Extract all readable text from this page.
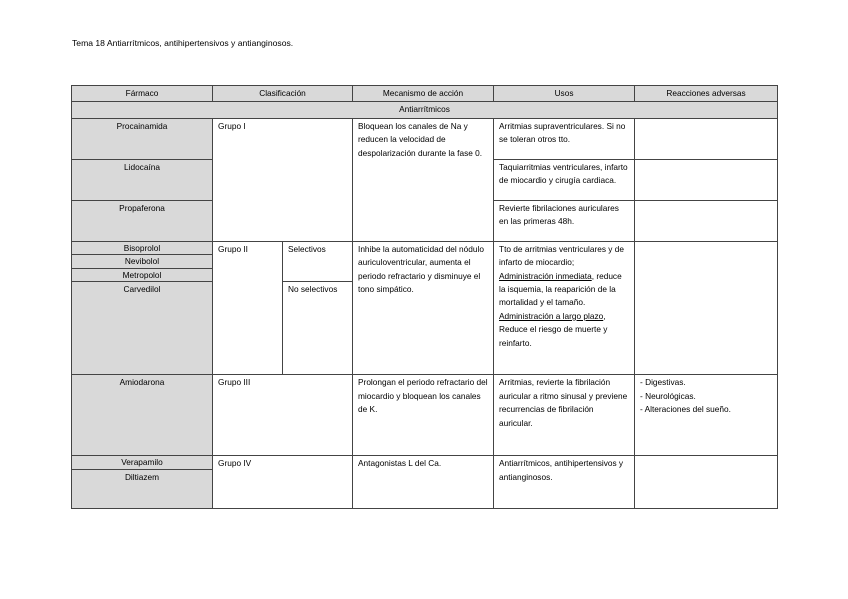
Tema 18 Antiarrítmicos, antihipertensivos y antianginosos.
Fármaco	Clasificación		Mecanismo de acción	Usos	Reacciones adversas
Antiarrítmicos					
Procainamida	Grupo I		Bloquean los canales de Na y reducen la velocidad de despolarización durante la fase 0.	Arritmias supraventriculares. Si no se toleran otros tto.	
Lidocaína				Taquiarritmias ventriculares, infarto de miocardio y cirugía cardiaca.	
Propaferona				Revierte fibrilaciones auriculares en las primeras 48h.	
Bisoprolol	Grupo II	Selectivos	Inhibe la automaticidad del nódulo auriculoventricular, aumenta el periodo refractario y disminuye el tono simpático.	Tto de arritmias ventriculares y de infarto de miocardio; Administración inmediata, reduce la isquemia, la reaparición de la mortalidad y el tamaño. Administración a largo plazo, Reduce el riesgo de muerte y reinfarto.	
Nevibolol					
Metropolol					
Carvedilol		No selectivos			
Amiodarona	Grupo III		Prolongan el periodo refractario del miocardio y bloquean los canales de K.	Arritmias, revierte la fibrilación auricular a ritmo sinusal y previene recurrencias de fibrilación auricular.	- Digestivas.
- Neurológicas.
- Alteraciones del sueño.

Verapamilo	Grupo IV		Antagonistas L del Ca.	Antiarrítmicos, antihipertensivos y antianginosos.	
Diltiazem					
